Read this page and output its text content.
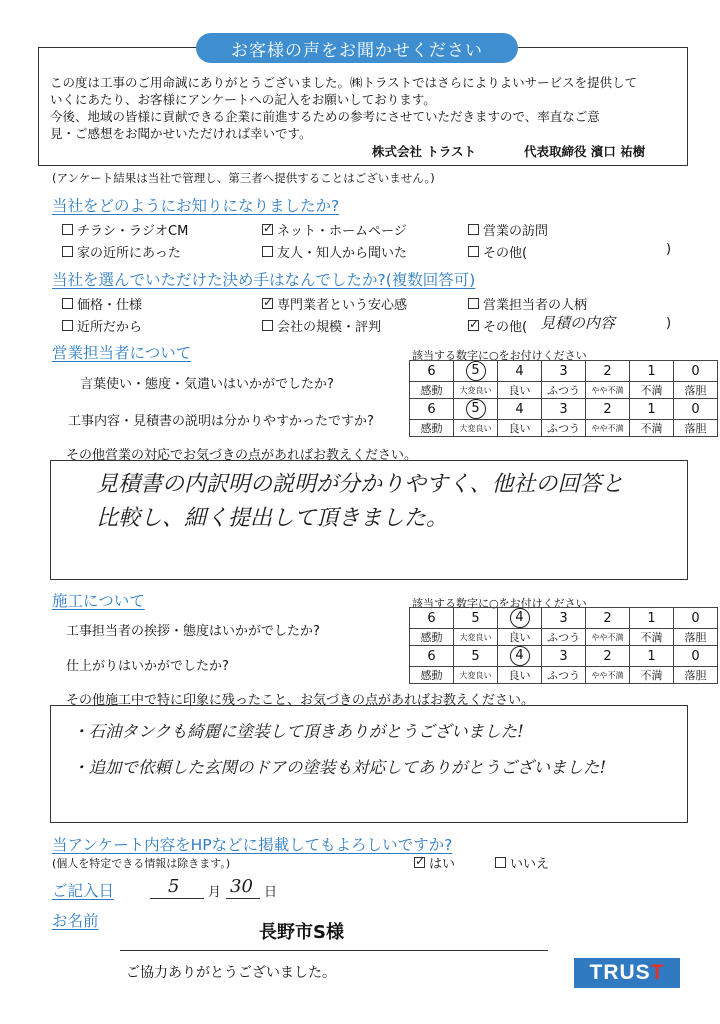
お客様の声をお聞かせください
この度は工事のご用命誠にありがとうございました。㈱トラストではさらによりよいサービスを提供して
いくにあたり、お客様にアンケートへの記入をお願いしております。
今後、地域の皆様に貢献できる企業に前進するための参考にさせていただきますので、率直なご意
見・ご感想をお聞かせいただければ幸いです。
株式会社 トラスト	代表取締役 濱口 祐樹
(アンケート結果は当社で管理し、第三者へ提供することはございません。)
当社をどのようにお知りになりましたか?
チラシ・ラジオCM ✓	ネット・ホームページ	営業の訪問
家の近所にあった	友人・知人から聞いた	その他(	)
当社を選んでいただけた決め手はなんでしたか?(複数回答可)
価格・仕様 ✓	専門業者という安心感	営業担当者の人柄
近所だから	会社の規模・評判 ✓	その他( 見積の内容	)
営業担当者について	該当する数字に○をお付けください
言葉使い・態度・気遣いはいかがでしたか?
工事内容・見積書の説明は分かりやすかったですか?
6	5	4	3	2	1	0
感動	大変良い	良い	ふつう	やや不満	不満	落胆
6	5	4	3	2	1	0
感動	大変良い	良い	ふつう	やや不満	不満	落胆
その他営業の対応でお気づきの点があればお教えください。
見積書の内訳明の説明が分かりやすく、他社の回答と
比較し、細く提出して頂きました。
施工について	該当する数字に○をお付けください
工事担当者の挨拶・態度はいかがでしたか?
仕上がりはいかがでしたか?
6	5	4	3	2	1	0
感動	大変良い	良い	ふつう	やや不満	不満	落胆
6	5	4	3	2	1	0
感動	大変良い	良い	ふつう	やや不満	不満	落胆
その他施工中で特に印象に残ったこと、お気づきの点があればお教えください。
・石油タンクも綺麗に塗装して頂きありがとうございました!
・追加で依頼した玄関のドアの塗装も対応してありがとうございました!
当アンケート内容をHPなどに掲載してもよろしいですか?
(個人を特定できる情報は除きます。) ✓	はい	いいえ
ご記入日	5 月 30 日
お名前
長野市S様
ご協力ありがとうございました。	TRUS T
